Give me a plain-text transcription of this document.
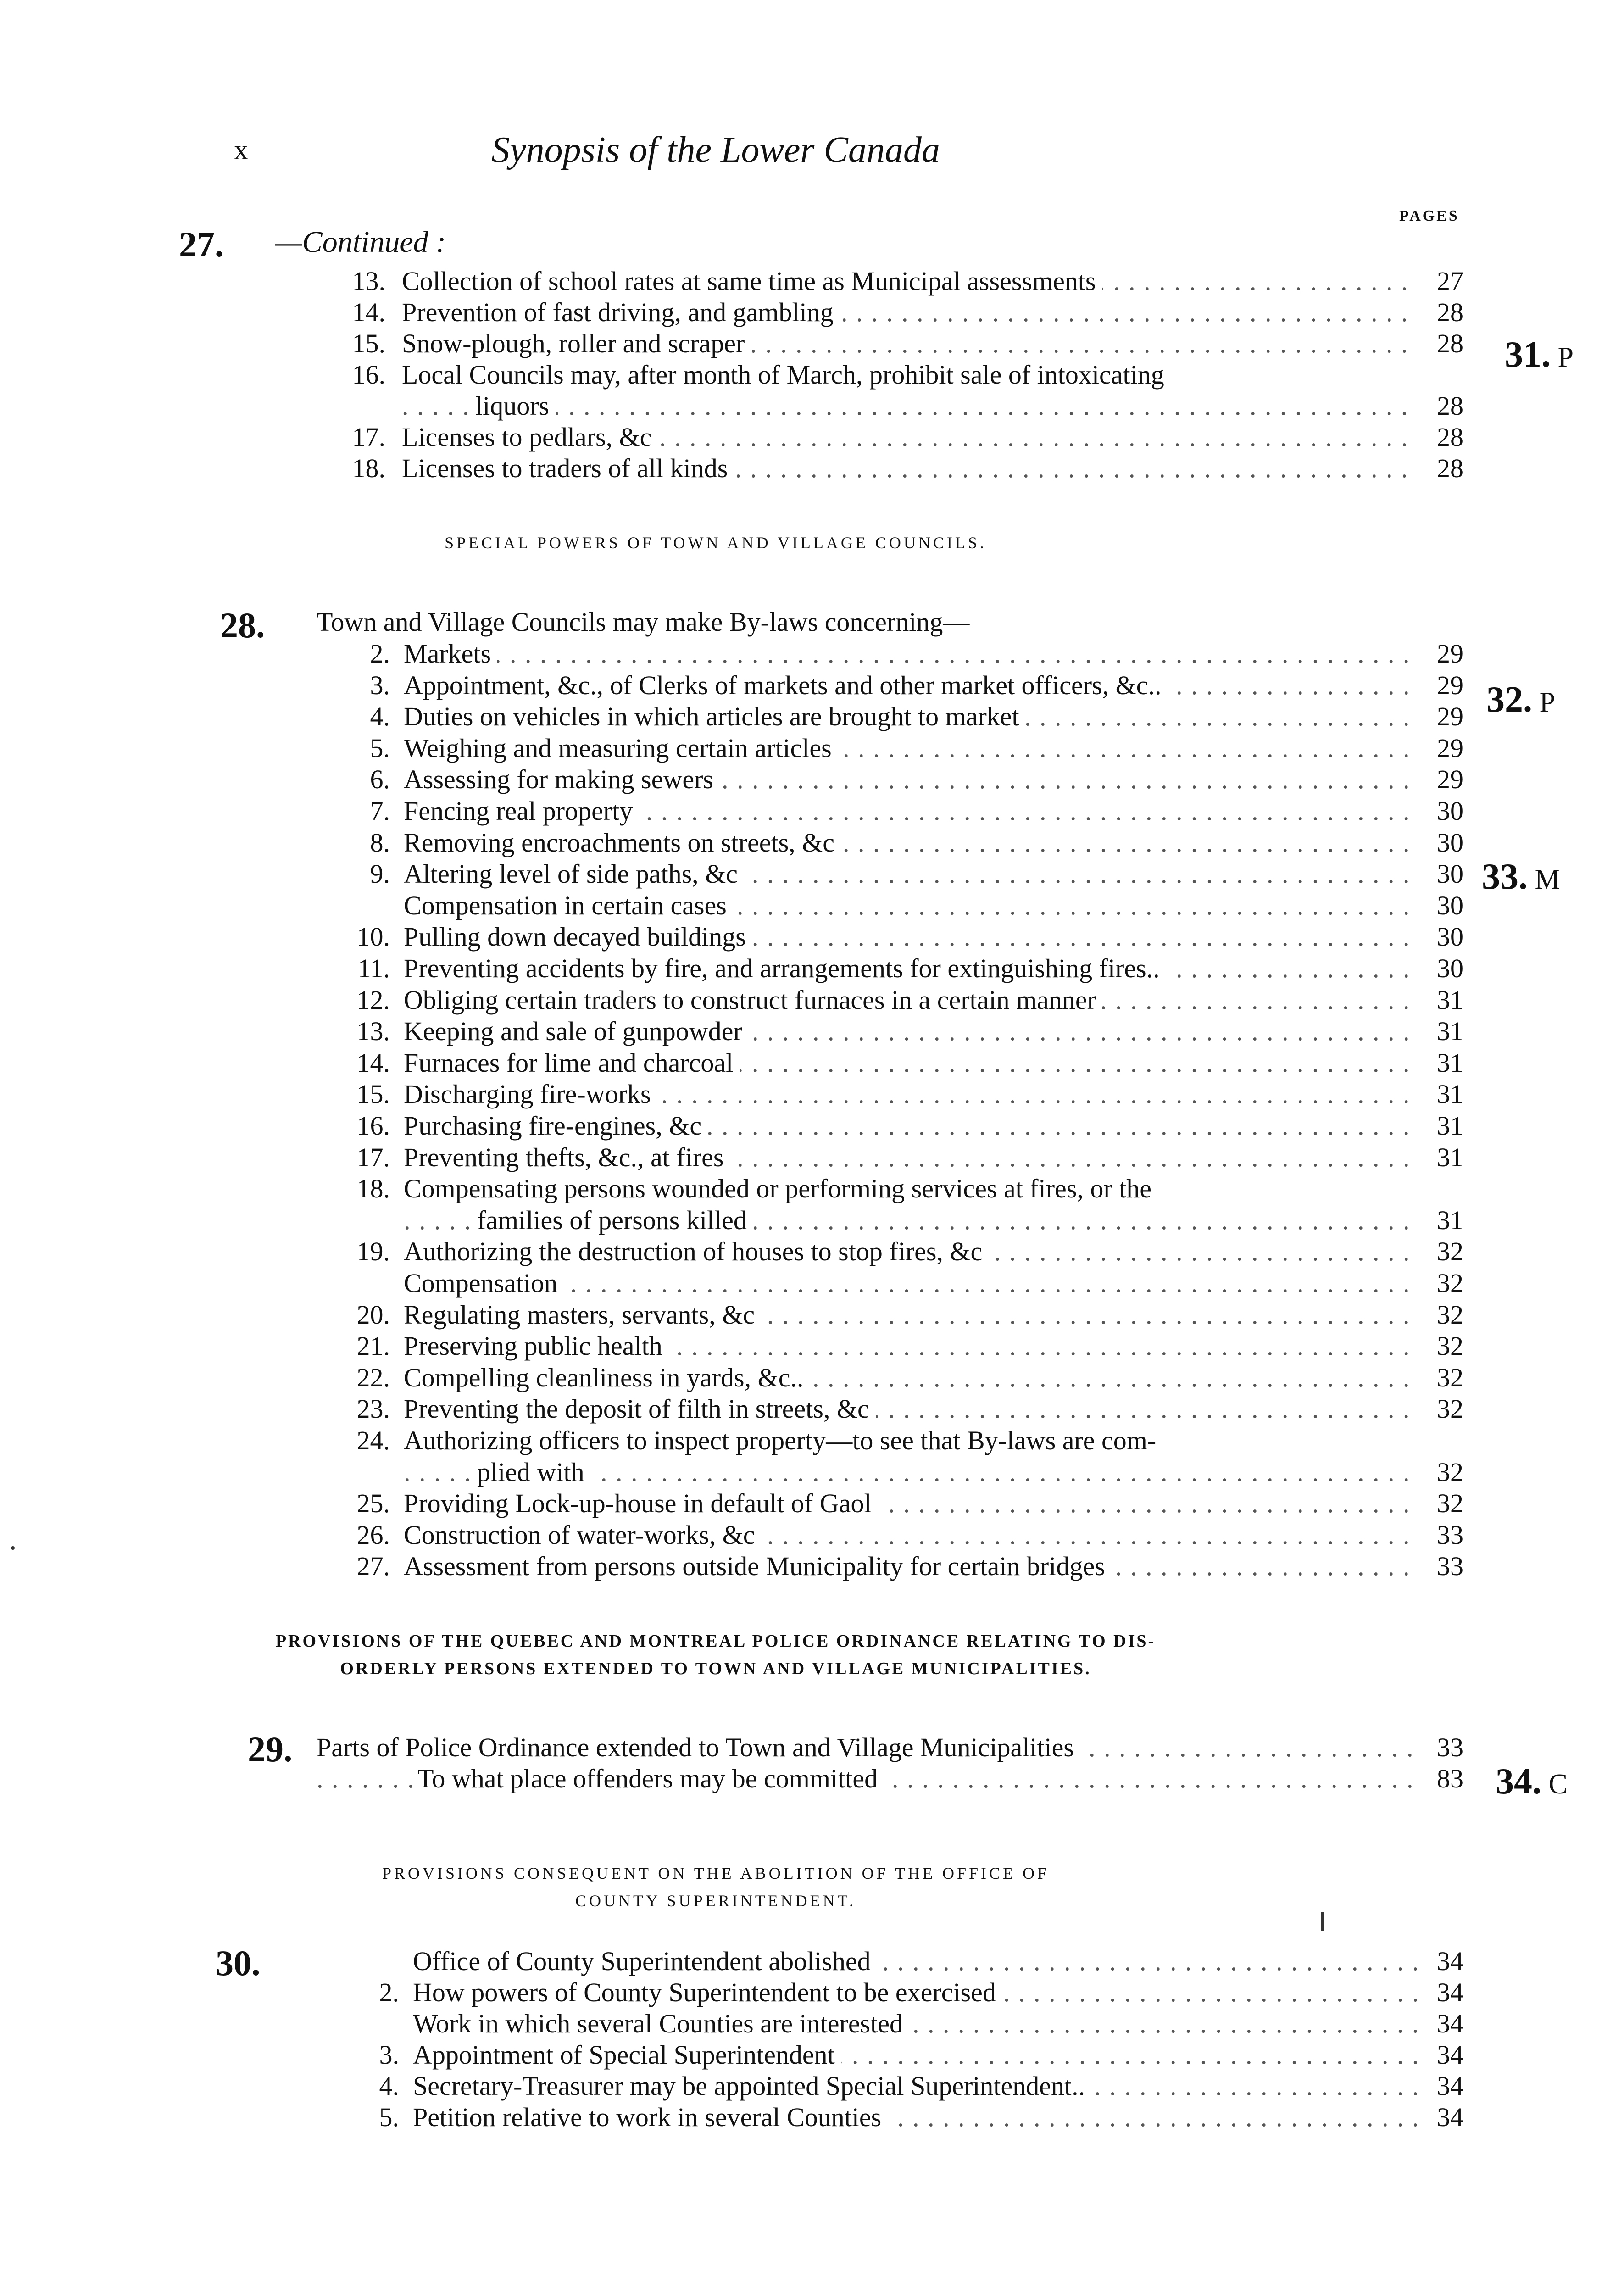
x	Synopsis of the Lower Canada
PAGES
27. —Continued :
13. Collection of school rates at same time as Municipal assessments . . .	27
14. Prevention of fast driving, and gambling . . .	28
15. Snow-plough, roller and scraper . . .	28
16. Local Councils may, after month of March, prohibit sale of intoxicating
liquors . . .	28
17. Licenses to pedlars, &c . . .	28
18. Licenses to traders of all kinds . . .	28
SPECIAL POWERS OF TOWN AND VILLAGE COUNCILS.
28. Town and Village Councils may make By-laws concerning—
2. Markets . . .	29
3. Appointment, &c., of Clerks of markets and other market officers, &c.. . . .	29
4. Duties on vehicles in which articles are brought to market . . .	29
5. Weighing and measuring certain articles . . .	29
6. Assessing for making sewers . . .	29
7. Fencing real property . . .	30
8. Removing encroachments on streets, &c . . .	30
9. Altering level of side paths, &c . . .	30
Compensation in certain cases . . .	30
10. Pulling down decayed buildings . . .	30
11. Preventing accidents by fire, and arrangements for extinguishing fires.. . . .	30
12. Obliging certain traders to construct furnaces in a certain manner . . .	31
13. Keeping and sale of gunpowder . . .	31
14. Furnaces for lime and charcoal . . .	31
15. Discharging fire-works . . .	31
16. Purchasing fire-engines, &c . . .	31
17. Preventing thefts, &c., at fires . . .	31
18. Compensating persons wounded or performing services at fires, or the
families of persons killed . . .	31
19. Authorizing the destruction of houses to stop fires, &c . . .	32
Compensation . . .	32
20. Regulating masters, servants, &c . . .	32
21. Preserving public health . . .	32
22. Compelling cleanliness in yards, &c.. . . .	32
23. Preventing the deposit of filth in streets, &c . . .	32
24. Authorizing officers to inspect property—to see that By-laws are com-
plied with . . .	32
25. Providing Lock-up-house in default of Gaol . . .	32
26. Construction of water-works, &c . . .	33
27. Assessment from persons outside Municipality for certain bridges . . .	33
PROVISIONS OF THE QUEBEC AND MONTREAL POLICE ORDINANCE RELATING TO DIS-
ORDERLY PERSONS EXTENDED TO TOWN AND VILLAGE MUNICIPALITIES.
29. Parts of Police Ordinance extended to Town and Village Municipalities . . .	33
To what place offenders may be committed . . .	83
PROVISIONS CONSEQUENT ON THE ABOLITION OF THE OFFICE OF
COUNTY SUPERINTENDENT.
30.	Office of County Superintendent abolished . . .	34
2. How powers of County Superintendent to be exercised . . .	34
Work in which several Counties are interested . . .	34
3. Appointment of Special Superintendent . . .	34
4. Secretary-Treasurer may be appointed Special Superintendent.. . . .	34
5. Petition relative to work in several Counties . . .	34
31. P
32. P
33. M
34. C
